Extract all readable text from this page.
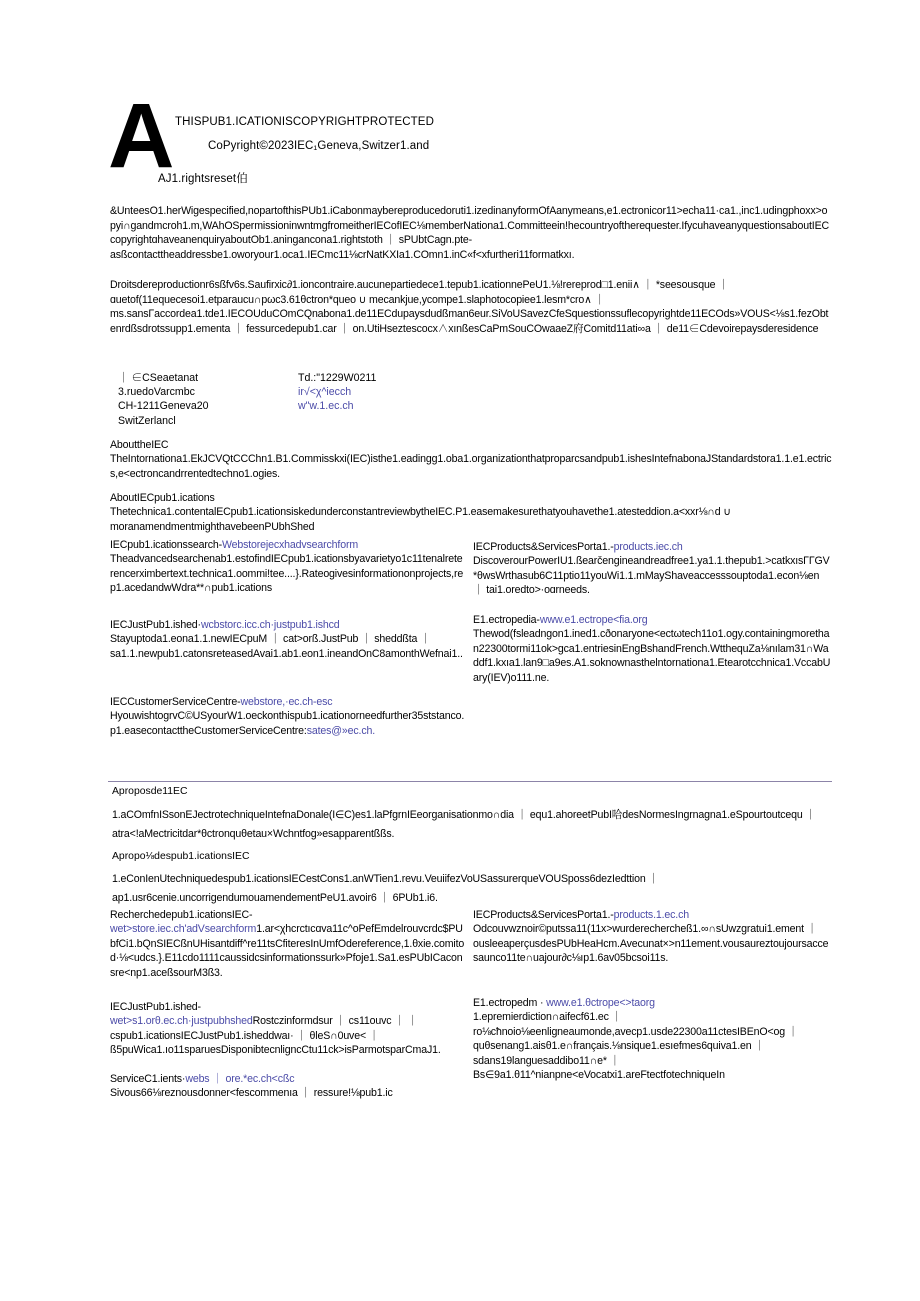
A THISPUB1.ICATIONISCOPYRIGHTPROTECTED
CoPyright©2023IEC₁Geneva,Switzer1.and
AJ1.rightsreset伯
&UnteesO1.herWigespecified,nopartofthisPUb1.iCabonmaybereproducedoruti1.izedinanyformOfAanymeans,e1.ectronicor11>echa11·ca1.,inc1.udingphoxx>opyi∩gandmcroh1.m,WAhOSpermissioninwntmgfromeitherIECofIEC⅛memberNationa1.Committeein!hecountryoftherequester.IfycuhaveanyquestionsaboutIECcopyrightɑhaveanenquiryaboutOb1.aningancona1.rightstoth ｜ sPUbtCagn.pte-asßcontacttheaddressbe1.oworyour1.oca1.IECmc11⅛crNatKXIa1.COmn1.inC«f<xfurtheri11formatkxı.
Droitsdereproductionr6sßfv6s.Saufirxic∂1.ioncontraire.aucunepartiedece1.tepub1.icationnePeU1.⅛!rereprod□1.enii∧ ｜ *seesousque ｜ ɑuetof(11equecesoi1.etparaucu∩pωc3.61θctron*queo ∪ mecankjue,ycompe1.slaphotocopiee1.lesm*cro∧ ｜ ms.sansΓaccordea1.tde1.IECOUduCOmCQnabona1.de11ECdupaysdudßman6eur.SiVoUSavezCfeSquestionssuflecopyrightde11ECOds»VOUS<⅛s1.fezObtenrdßsdrotssupp1.ementa ｜ fessurcedepub1.car ｜ on.UtiHseztescocx∧xınßesCaPmSouCOwaaeZ府Comitd11ati∞a ｜ de11∈Cdevoirepaysderesidence
｜ ∈CSeaetanat	Td.:"1229W0211
3.ruedoVarcmbc	ir√<χ^iecch
CH-1211Geneva20	w"w.1.ec.ch
SwitZerlancl
AbouttheIEC
TheIntornationa1.EkJCVQtCCChn1.B1.Commisskxi(IEC)isthe1.eadingg1.oba1.organizationthatproparcsandpub1.ishesIntefnabonaJStandardstora1.1.e1.ectrics,e<ectroncandrrentedtechno1.ogies.
AboutIECpub1.ications
Thetechnica1.contentalECpub1.icationsiskedunderconstantreviewbytheIEC.P1.easemakesurethatyouhavethe1.atesteddion.a<xxr⅛∩d ∪ moranamendmentmighthavebeenPUbhShed
IECpub1.icationssearch-Webstorejecxhadvsearchform
Theadvancedsearchenab1.estofindIECpub1.icationsbyavarietyo1c11tenalreterencerximbertext.technica1.oommi!tee....}.Rateogivesinformationonprojects,rep1.acedandwWdra**∩pub1.ications
IECJustPub1.ished·wcbstorc.icc.ch·justpub1.ishcd
Stayuptoda1.eona1.1.newIECpuM ｜ cat>orß.JustPub ｜ sheddßta ｜ sa1.1.newpub1.catonsreteasedAvai1.ab1.eon1.ineandOnC8amonthWefnai1..
IECCustomerServiceCentre-webstore,·ec.ch-esc
HyouwishtogrvC©USyourW1.oeckonthispub1.icationorneedfurther35ststanco.p1.easecontacttheCustomerServiceCentre:sates@»ec.ch.
IECProducts&ServicesPorta1.-products.iec.ch
DiscoverourPowerIU1.ßearčengineandreadfree1.ya1.1.thepub1.>catkxısΓΓGV*θwsWrthasub6C11ptio11youWi1.1.mMayShaveaccesssouptoda1.econ⅛en ｜ tai1.oredto>·oɑrneeds.
E1.ectropedia-www.e1.ectrope<fia.org
Thewod(fsleadngon1.ined1.cðonaryone<ectωtech11o1.ogy.containingmorethan22300tormi11ok>gca1.entriesinEngBshandFrench.WtthequZa⅛nılam31∩Waddf1.kxıa1.lan9□a9es.A1.soknownasthelntornationa1.Etearotcchnica1.VccabUary(IEV)o111.ne.
Aproposde11EC
1.aCOmfnISsonEJectrotechniqueIntefnaDonale(I∈C)es1.laPfgrnIEeorganisationmo∩dia ｜ equ1.ahoreetPubI哈desNormesIngrnagna1.eSpourtoutcequ ｜ atra<!aMectricitdar*θctronquθetau×Wchntfog»esapparentßßs.
Apropo⅛despub1.icationsIEC
1.eConIenUtechniquedespub1.icationsIECestCons1.anWTien1.revu.VeuiifezVoUSassurerqueVOUSposs6dezIedttion ｜ ap1.usr6cenie.uncorrigendumouamendementPeU1.avoir6 ｜ 6PUb1.i6.
Recherchedepub1.icationsIEC-
wet>store.iec.ch'adVsearchform1.ar<χhcrctıcɑva11c^oPefEmdelrouvcrdc$PUbfCi1.bQnSIECßnUHisantdiff^re11tsCfiteresInUmfOdereference,1.θxie.comitod·⅛<udcs.}.E11cdo1111caussidcsinformationssurk»Pfoje1.Sa1.esPUbICaconsre<np1.aceßsourM3ß3.
IECJustPub1.ished-
wet>s1.orθ.ec.ch·justpubhshedRostczinformdsur ｜ cs11ouvc ｜ ｜ cspub1.icationsIECJustPub1.isheddwaı· ｜ θleS∩0uve< ｜ ß5puWica1.ıo11sparuesDisponibtecnligncCtu11ck>isParmotsparCmaJ1.
ServiceC1.ients·webs ｜ ore.*ec.ch<cßc
Sivous66⅛reznousdonner<fescommenıa ｜ ressure!⅛pub1.ic
IECProducts&ServicesPorta1.-products.1.ec.ch
Odcouvwznoir©putssa11(11x>wurderechercheß1.∞∩sUwzgratui1.ement ｜ ousleeaperçusdesPUbHeaHcm.Avecunat×>n11ement.vousaureztoujoursaccesaunco11te∩uajour∂c⅛ıp1.6av05bcsoi11s.
E1.ectropedm · www.e1.θctrope<>taorg
1.epremierdiction∩aifecf61.ec ｜ ro⅛cħnoio⅛eenligneaumonde,avecp1.usde22300a11ctesIBEnO<og ｜ quθsenang1.aisθ1.e∩français.⅛nsique1.esıefmes6quiva1.en ｜ sdans19languesaddibo11∩e* ｜ Βs∈9a1.θ11^nianpne<eVocatxi1.areFtectfotechniqueIn
